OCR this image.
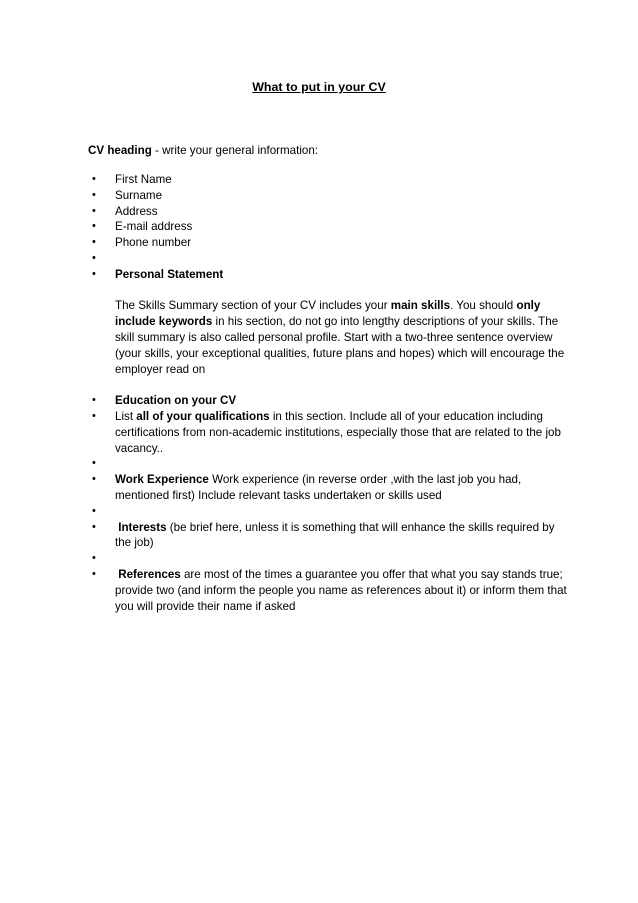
What to put in your CV
CV heading - write your general information:
•	First Name
•	Surname
•	Address
•	E-mail address
•	Phone number
•
•	Personal Statement
The Skills Summary section of your CV includes your main skills. You should only include keywords in his section, do not go into lengthy descriptions of your skills. The skill summary is also called personal profile. Start with a two-three sentence overview (your skills, your exceptional qualities, future plans and hopes) which will encourage the employer read on
•	Education on your CV
•	List all of your qualifications in this section. Include all of your education including certifications from non-academic institutions, especially those that are related to the job vacancy..
•
•	Work Experience Work experience (in reverse order ,with the last job you had, mentioned first) Include relevant tasks undertaken or skills used
•
•	Interests (be brief here, unless it is something that will enhance the skills required by the job)
•
•	References are most of the times a guarantee you offer that what you say stands true; provide two (and inform the people you name as references about it) or inform them that you will provide their name if asked
